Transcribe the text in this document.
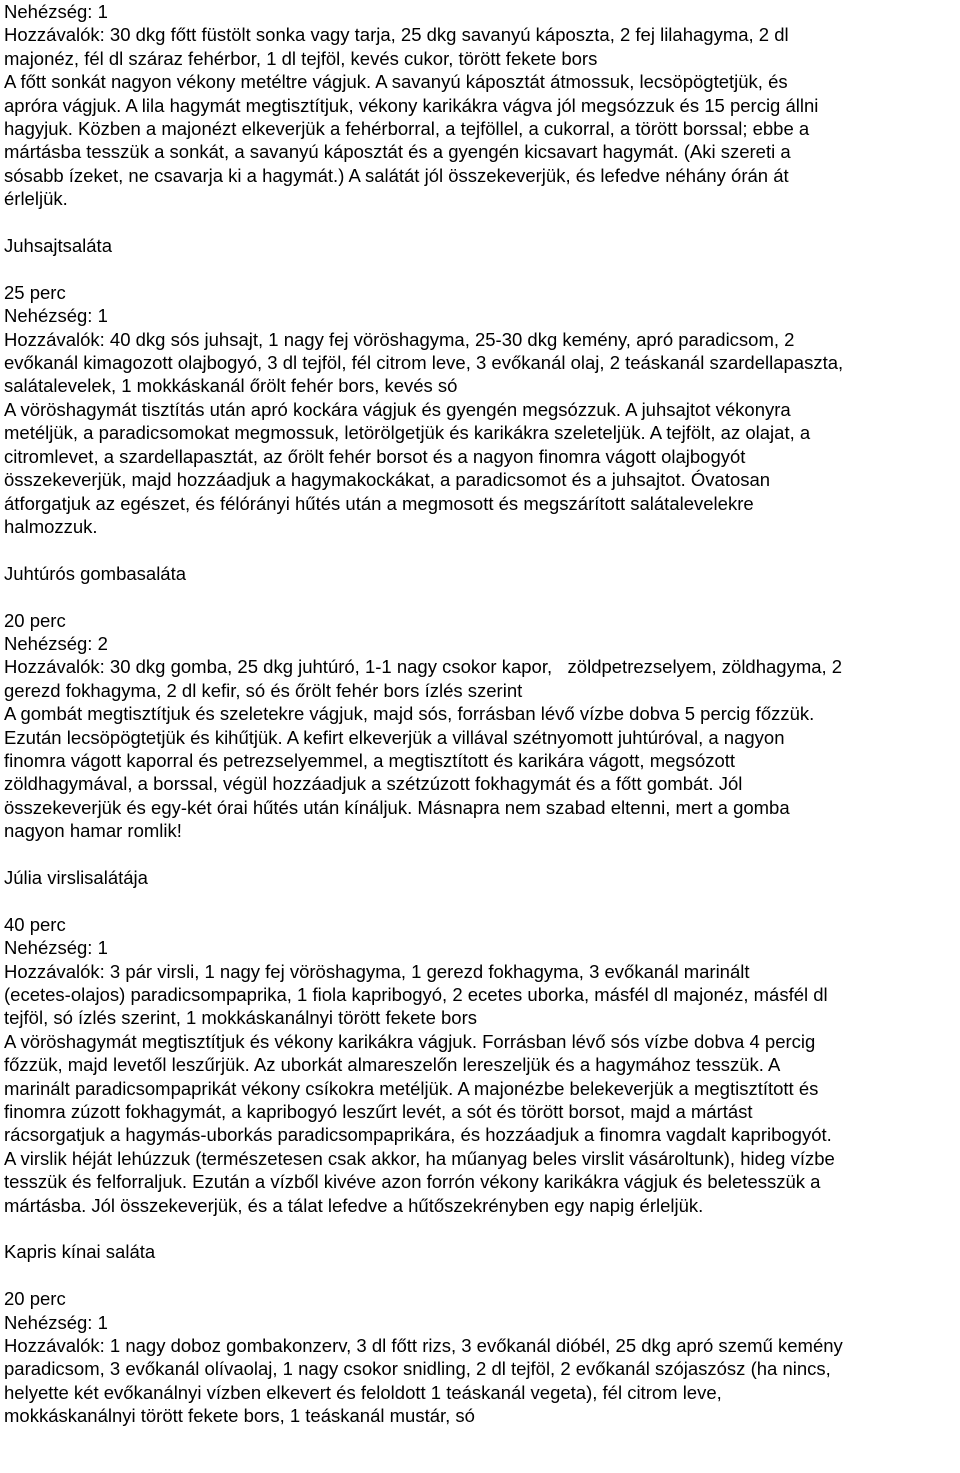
Nehézség: 1
Hozzávalók: 30 dkg főtt füstölt sonka vagy tarja, 25 dkg savanyú káposzta, 2 fej lilahagyma, 2 dl
majonéz, fél dl száraz fehérbor, 1 dl tejföl, kevés cukor, törött fekete bors
A főtt sonkát nagyon vékony metéltre vágjuk. A savanyú káposztát átmossuk, lecsöpögtetjük, és
apróra vágjuk. A lila hagymát megtisztítjuk, vékony karikákra vágva jól megsózzuk és 15 percig állni
hagyjuk. Közben a majonézt elkeverjük a fehérborral, a tejföllel, a cukorral, a törött borssal; ebbe a
mártásba tesszük a sonkát, a savanyú káposztát és a gyengén kicsavart hagymát. (Aki szereti a
sósabb ízeket, ne csavarja ki a hagymát.) A salátát jól összekeverjük, és lefedve néhány órán át
érleljük.
Juhsajtsaláta
25 perc
Nehézség: 1
Hozzávalók: 40 dkg sós juhsajt, 1 nagy fej vöröshagyma, 25-30 dkg kemény, apró paradicsom, 2
evőkanál kimagozott olajbogyó, 3 dl tejföl, fél citrom leve, 3 evőkanál olaj, 2 teáskanál szardellapaszta,
salátalevelek, 1 mokkáskanál őrölt fehér bors, kevés só
A vöröshagymát tisztítás után apró kockára vágjuk és gyengén megsózzuk. A juhsajtot vékonyra
metéljük, a paradicsomokat megmossuk, letörölgetjük és karikákra szeleteljük. A tejfölt, az olajat, a
citromlevet, a szardellapasztát, az őrölt fehér borsot és a nagyon finomra vágott olajbogyót
összekeverjük, majd hozzáadjuk a hagymakockákat, a paradicsomot és a juhsajtot. Óvatosan
átforgatjuk az egészet, és félórányi hűtés után a megmosott és megszárított salátalevelekre
halmozzuk.
Juhtúrós gombasaláta
20 perc
Nehézség: 2
Hozzávalók: 30 dkg gomba, 25 dkg juhtúró, 1-1 nagy csokor kapor,   zöldpetrezselyem, zöldhagyma, 2
gerezd fokhagyma, 2 dl kefir, só és őrölt fehér bors ízlés szerint
A gombát megtisztítjuk és szeletekre vágjuk, majd sós, forrásban lévő vízbe dobva 5 percig főzzük.
Ezután lecsöpögtetjük és kihűtjük. A kefirt elkeverjük a villával szétnyomott juhtúróval, a nagyon
finomra vágott kaporral és petrezselyemmel, a megtisztított és karikára vágott, megsózott
zöldhagymával, a borssal, végül hozzáadjuk a szétzúzott fokhagymát és a főtt gombát. Jól
összekeverjük és egy-két órai hűtés után kínáljuk. Másnapra nem szabad eltenni, mert a gomba
nagyon hamar romlik!
Júlia virslisalátája
40 perc
Nehézség: 1
Hozzávalók: 3 pár virsli, 1 nagy fej vöröshagyma, 1 gerezd fokhagyma, 3 evőkanál marinált
(ecetes-olajos) paradicsompaprika, 1 fiola kapribogyó, 2 ecetes uborka, másfél dl majonéz, másfél dl
tejföl, só ízlés szerint, 1 mokkáskanálnyi törött fekete bors
A vöröshagymát megtisztítjuk és vékony karikákra vágjuk. Forrásban lévő sós vízbe dobva 4 percig
főzzük, majd levetől leszűrjük. Az uborkát almareszelőn lereszeljük és a hagymához tesszük. A
marinált paradicsompaprikát vékony csíkokra metéljük. A majonézbe belekeverjük a megtisztított és
finomra zúzott fokhagymát, a kapribogyó leszűrt levét, a sót és törött borsot, majd a mártást
rácsorgatjuk a hagymás-uborkás paradicsompaprikára, és hozzáadjuk a finomra vagdalt kapribogyót.
A virslik héját lehúzzuk (természetesen csak akkor, ha műanyag beles virslit vásároltunk), hideg vízbe
tesszük és felforraljuk. Ezután a vízből kivéve azon forrón vékony karikákra vágjuk és beletesszük a
mártásba. Jól összekeverjük, és a tálat lefedve a hűtőszekrényben egy napig érleljük.
Kapris kínai saláta
20 perc
Nehézség: 1
Hozzávalók: 1 nagy doboz gombakonzerv, 3 dl főtt rizs, 3 evőkanál dióbél, 25 dkg apró szemű kemény
paradicsom, 3 evőkanál olívaolaj, 1 nagy csokor snidling, 2 dl tejföl, 2 evőkanál szójaszósz (ha nincs,
helyette két evőkanálnyi vízben elkevert és feloldott 1 teáskanál vegeta), fél citrom leve,
mokkáskanálnyi törött fekete bors, 1 teáskanál mustár, só
